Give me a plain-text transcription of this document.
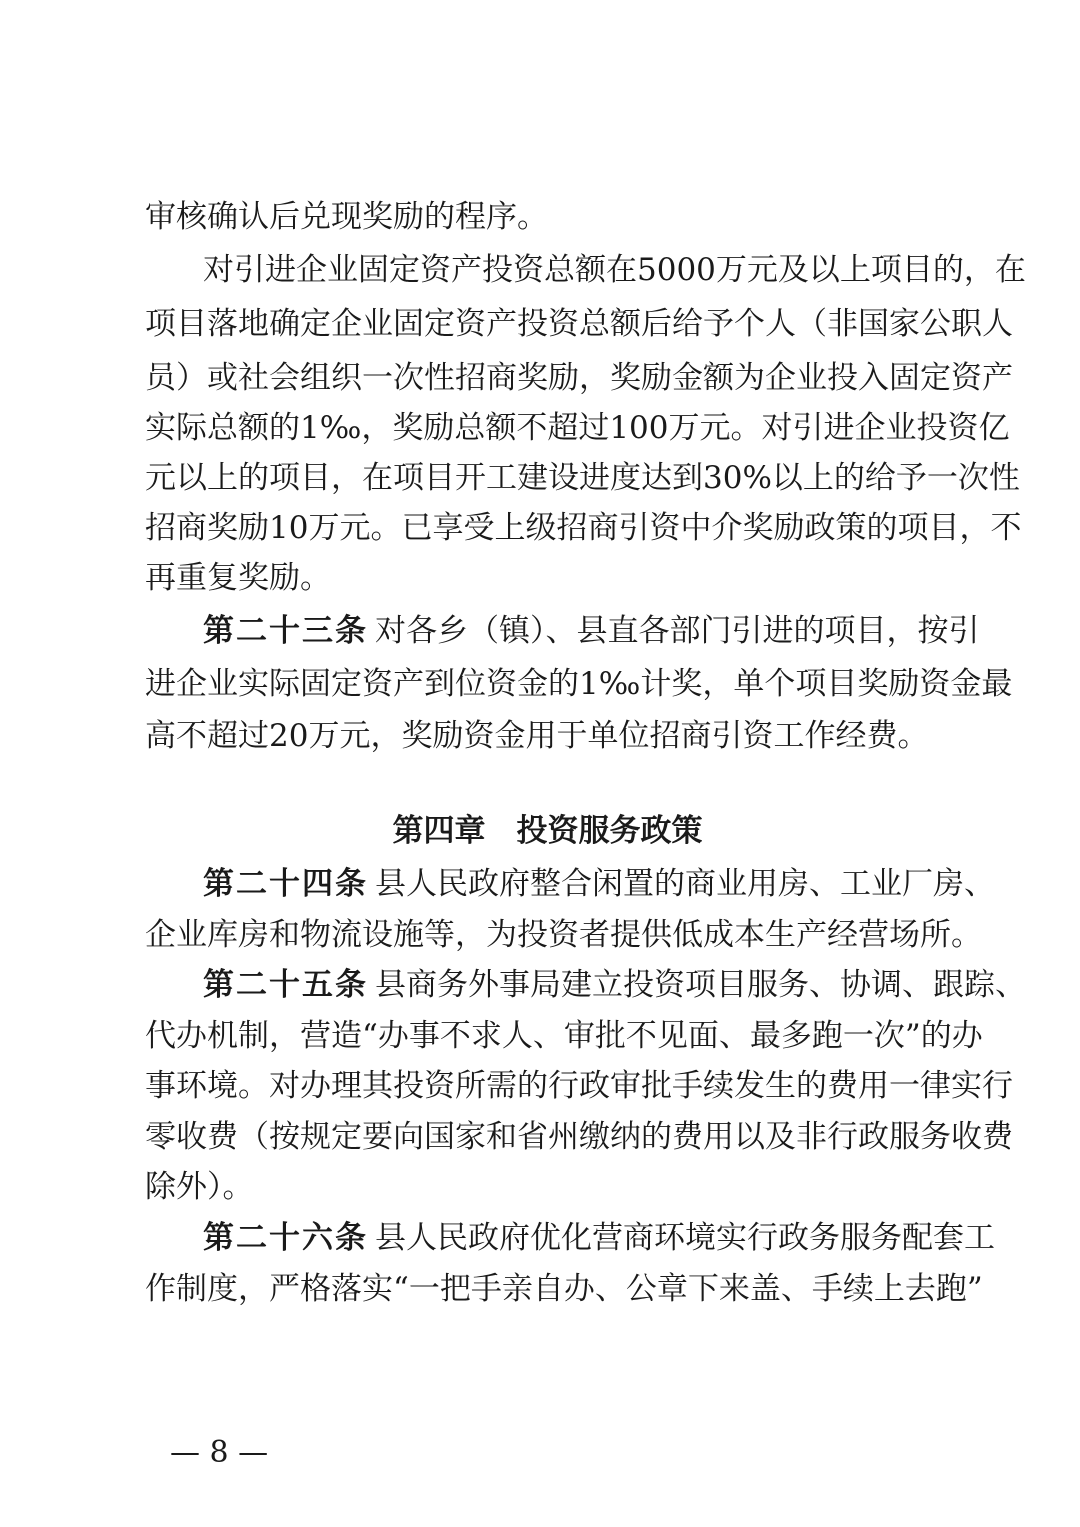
审核确认后兑现奖励的程序。
对引进企业固定资产投资总额在5000万元及以上项目的，在
项目落地确定企业固定资产投资总额后给予个人（非国家公职人
员）或社会组织一次性招商奖励，奖励金额为企业投入固定资产
实际总额的1‰，奖励总额不超过100万元。对引进企业投资亿
元以上的项目，在项目开工建设进度达到30%以上的给予一次性
招商奖励10万元。已享受上级招商引资中介奖励政策的项目，不
再重复奖励。
第二十三条 对各乡（镇）、县直各部门引进的项目，按引
进企业实际固定资产到位资金的1‰计奖，单个项目奖励资金最
高不超过20万元，奖励资金用于单位招商引资工作经费。
第四章　投资服务政策
第二十四条 县人民政府整合闲置的商业用房、工业厂房、
企业库房和物流设施等，为投资者提供低成本生产经营场所。
第二十五条 县商务外事局建立投资项目服务、协调、跟踪、
代办机制，营造“办事不求人、审批不见面、最多跑一次”的办
事环境。对办理其投资所需的行政审批手续发生的费用一律实行
零收费（按规定要向国家和省州缴纳的费用以及非行政服务收费
除外）。
第二十六条 县人民政府优化营商环境实行政务服务配套工
作制度，严格落实“一把手亲自办、公章下来盖、手续上去跑”
— 8 —
